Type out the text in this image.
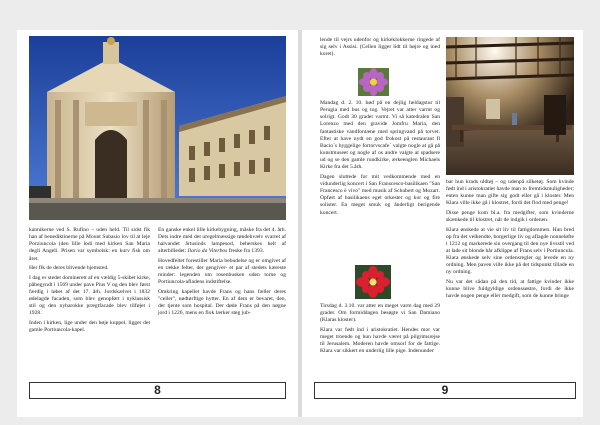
kannikerne ved S. Rufino – uden held. Til sidst fik han af benediktinerne på Mount Subasio lov til at leje Porziuncola (den lille lodi med kirken San Maria degli Angeli. Prisen var symbolsk: en kurv fisk om året.

Her flk de deres blivende hjemsted.

I dag er stedet dominerett af en vældig 5-skibet kirke, påbegyndt i 1569 under pave Pius V og den blev først færdig i løbet af det 17. årh. Jordskælvet i 1832 ødelagde facaden, som blev genopført i nyklassisk stil og den nybarokke prægtfacade blev tilføjet i 1928.

Inden i kirken, lige under den høje kuppel, ligger det gamle Portiuncola-kapel.

En ganske enkel lille kirkebygning, måske fra det 4. årh. Dets indre med det uregelmæssige tøndehvælv svarret af halvandet årtusinds lampesod, beherskes helt af alterbilledet: Ilario da Viterbos freske fra 1393.

Hovedfeltet forestiller Maria bebudelse og er omgivet af en række felter, der gengiver- et par af stedets kæreste minder: legenden om rosenbusken uden torne og Portiuncola-afladens indstiftelse.

Omkring kapellet havde Frans og hans fæller deres "celler", nødtørftige hytter. En af dem er bevaret, den, der tjente som hospital. Der døde Frans på den nøgne jord i 1226, mens en flok lærker steg jub-

8

lende til vejrs udenfor og kirkeklokkerne ringede af sig selv i Assisi. (Cellen ligger lidt til højre og ined koret).

Mandag d. 2. 10. bød på en dejlig heldagstur til Perugia med bus og tog. Vejret var atter varmt og solrigt. Godt 30 grader varmt. Vi så katedralen San Lorenzo med den gravide Jomfru Maria, den fantastiske vandfontæne med springvand på torvet. Efter at have nydt en god frokost på restaurant Il Bacio´s hyggelige fortorvscafe` valgte nogle at gå på kunstmuseet og nogle af os andre valgte at spadsere ud og se den gamle rundkirke, ærkeenglen Michaels Kirke fra det 5.årh.

Dagen sluttede for mit vedkommende med en vidunderlig koncert i San Franscesco-basilikaen "San Francesco è vivo" med musik af Schubert og Mozart. Opført af basilikaens eget orkester og kor og fire solister. En meget smuk og ånderligt berigende koncert.

Tirsdag d. 3.10. var atter en meget varm dag med 29 grader. Om formiddagen besøgte vi San Damiano (Klaras kloster).

Klara var født ind i aristokratiet. Hendes mor var meget troende og hun havde været på pilgrimsrejse til Jerusalem. Moderen havde omsorl for de fattige. Klara var sikkert en underlig lille pige. Indenunder

bar hun krads uldtøj – og udenpå silketøj. Som kvinde født ind i aristokratiet havde man to fremtidsmuligheder; enten kunne man gifte sig godt eller gå i kloster. Men Klara ville ikke gå i klostret, fordi det flod med penge!

Disse penge kom bl.a. fra medgifter, som kvinderne skænkede til klostret, når de indgik i ordenen.

Klara ønskede at vie sit liv til fattigdommen. Han bred op fra det velkendte, borgerlige liv og aflagde nonneløfte i 1212 og markerede sin overgang til den nye livsstil ved at lade sit blonde hår afklippe af Frans selv i Portiuncula. Klara ønskede selv sine ordensregler og levede en ny ordning. Men paven ville ikke på det tidspunkt tillade en ny ordning.

Nu var det sådan på den tid, at fattige kvinder ikke kunne blive fuldgyldige ordenssøstre, fordi de ikke havde nogen penge eller medgift, som de kunne bringe

9
